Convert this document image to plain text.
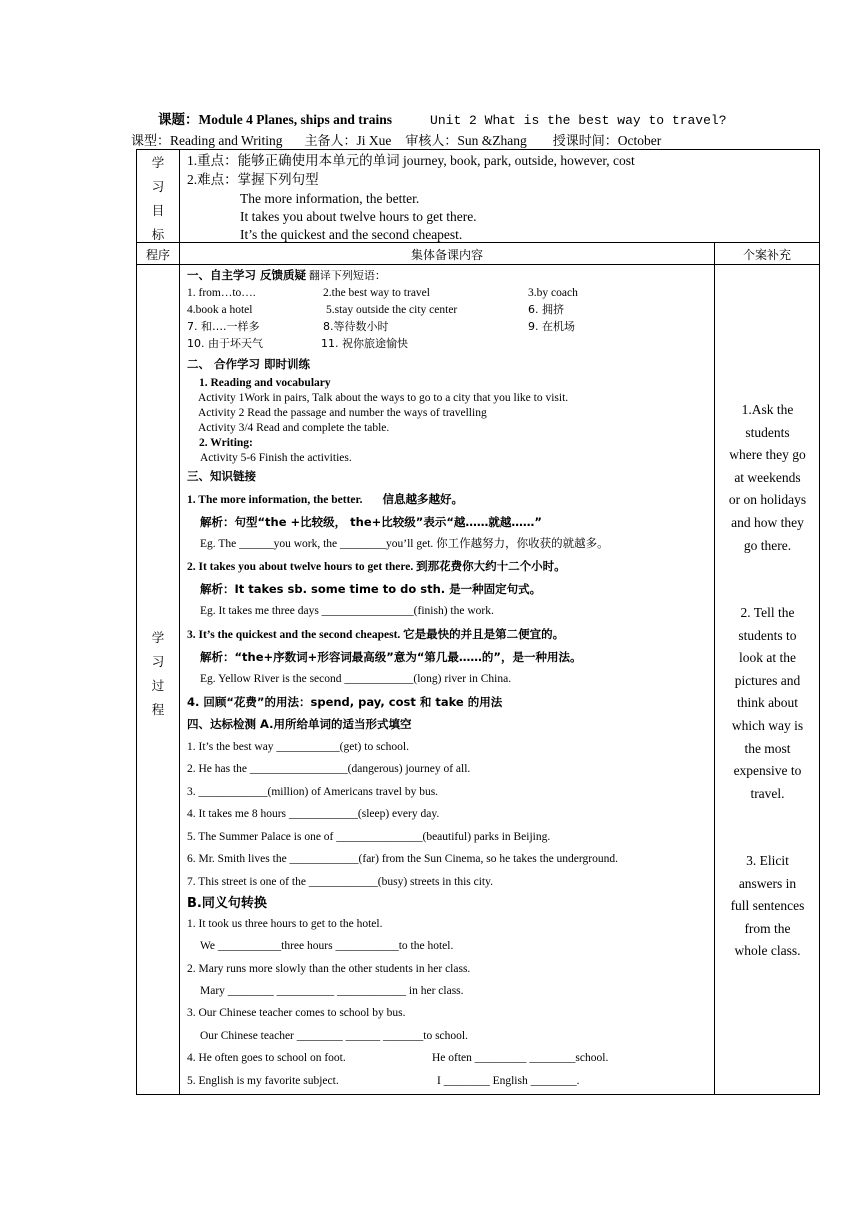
课题：Module 4 Planes, ships and trains	Unit 2 What is the best way to travel?
课型：Reading and Writing 主备人：Ji Xue 审核人：Sun &Zhang 授课时间：October
学
习
目
标
1.重点：能够正确使用本单元的单词 journey, book, park, outside, however, cost
2.难点：掌握下列句型
The more information, the better.
It takes you about twelve hours to get there.
It’s the quickest and the second cheapest.
程序	集体备课内容	个案补充
学
习
过
程
一、自主学习 反馈质疑 翻译下列短语：
1. from…to….	2.the best way to travel	3.by coach
4.book a hotel	5.stay outside the city center	6. 拥挤
7. 和….一样多	8.等待数小时	9. 在机场
10. 由于坏天气	11. 祝你旅途愉快
二、 合作学习 即时训练
1. Reading and vocabulary
Activity 1Work in pairs, Talk about the ways to go to a city that you like to visit.
Activity 2 Read the passage and number the ways of travelling
Activity 3/4 Read and complete the table.
2. Writing:
Activity 5-6 Finish the activities.
三、知识链接
1. The more information, the better. 信息越多越好。
解析：句型“the +比较级， the+比较级”表示“越……就越……”
Eg. The ______you work, the ________you’ll get. 你工作越努力，你收获的就越多。
2. It takes you about twelve hours to get there. 到那花费你大约十二个小时。
解析：It takes sb. some time to do sth. 是一种固定句式。
Eg. It takes me three days ________________(finish) the work.
3. It’s the quickest and the second cheapest. 它是最快的并且是第二便宜的。
解析：“the+序数词+形容词最高级”意为“第几最……的”，是一种用法。
Eg. Yellow River is the second ____________(long) river in China.
4. 回顾“花费”的用法：spend, pay, cost 和 take 的用法
四、达标检测 A.用所给单词的适当形式填空
1. It’s the best way ___________(get) to school.
2. He has the _________________(dangerous) journey of all.
3. ____________(million) of Americans travel by bus.
4. It takes me 8 hours ____________(sleep) every day.
5. The Summer Palace is one of _______________(beautiful) parks in Beijing.
6. Mr. Smith lives the ____________(far) from the Sun Cinema, so he takes the underground.
7. This street is one of the ____________(busy) streets in this city.
B.同义句转换
1. It took us three hours to get to the hotel.
We ___________three hours ___________to the hotel.
2. Mary runs more slowly than the other students in her class.
Mary ________ __________ ____________ in her class.
3. Our Chinese teacher comes to school by bus.
Our Chinese teacher ________ ______ _______to school.
4. He often goes to school on foot.	He often _________ ________school.
5. English is my favorite subject.	I ________ English ________.
1.Ask the
students
where they go
at weekends
or on holidays
and how they
go there.
2. Tell the
students to
look at the
pictures and
think about
which way is
the most
expensive to
travel.
3. Elicit
answers in
full sentences
from the
whole class.
